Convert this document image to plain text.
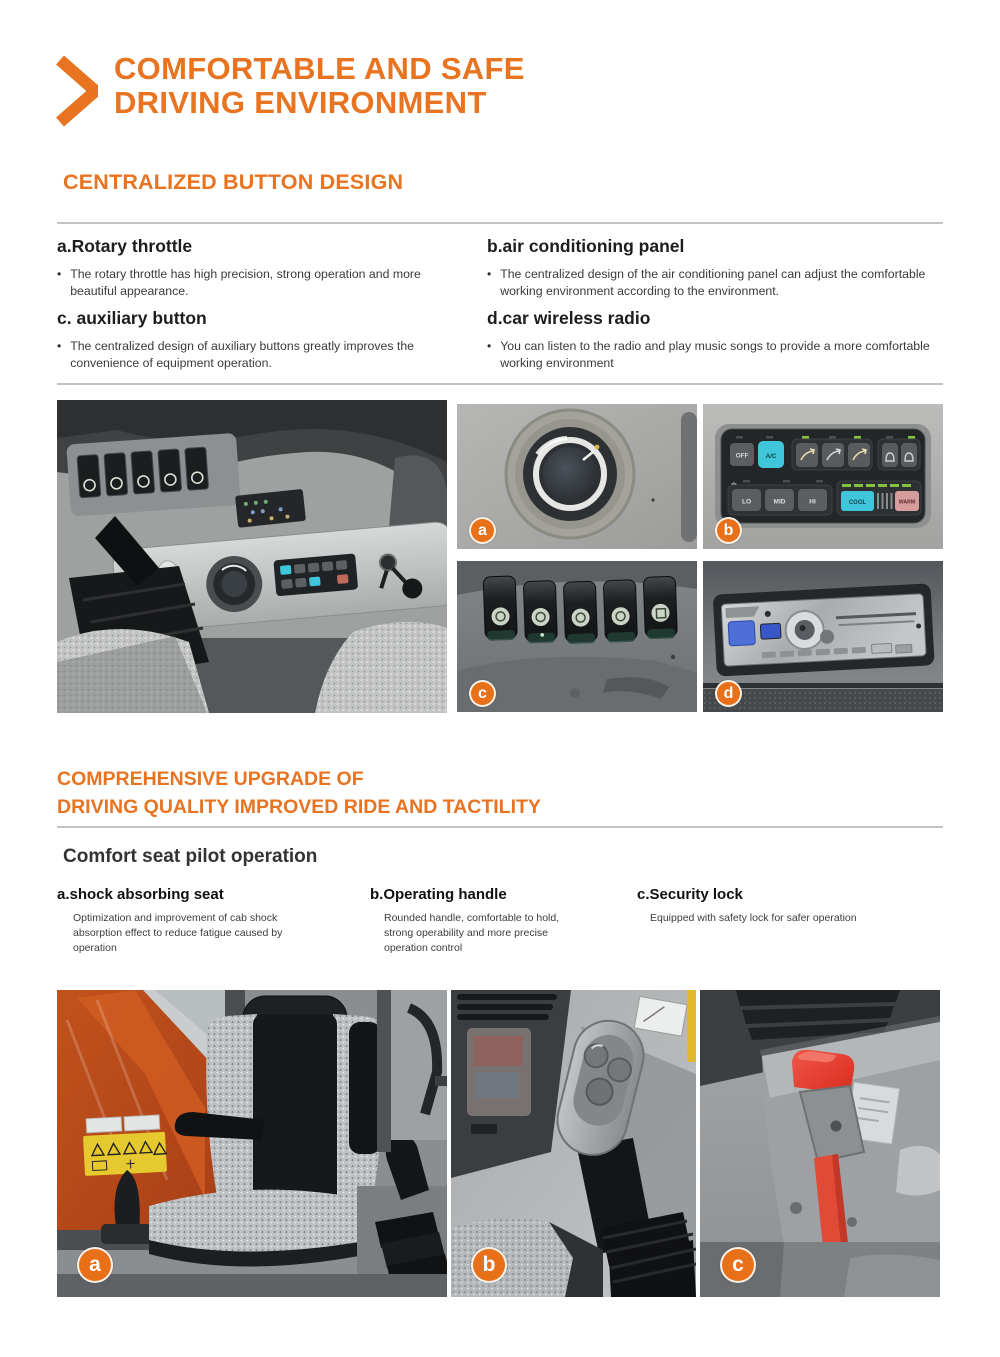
COMFORTABLE AND SAFE
DRIVING ENVIRONMENT
CENTRALIZED BUTTON DESIGN
a.Rotary throttle
• The rotary throttle has high precision, strong operation and more beautiful appearance.

b.air conditioning panel
• The centralized design of the air conditioning panel can adjust the comfortable working environment according to the environment.

c. auxiliary button
• The centralized design of auxiliary buttons greatly improves the convenience of equipment operation.

d.car wireless radio
• You can listen to the radio and play music songs to provide a more comfortable working environment

a
OFF	A/C
LO	MID	HI	COOL	WARM
b
c	d
COMPREHENSIVE UPGRADE OF
DRIVING QUALITY IMPROVED RIDE AND TACTILITY
Comfort seat pilot operation
a.shock absorbing seat

Optimization and improvement of cab shock absorption effect to reduce fatigue caused by operation

b.Operating handle

Rounded handle, comfortable to hold, strong operability and more precise operation control

c.Security lock

Equipped with safety lock for safer operation

a	b	c
